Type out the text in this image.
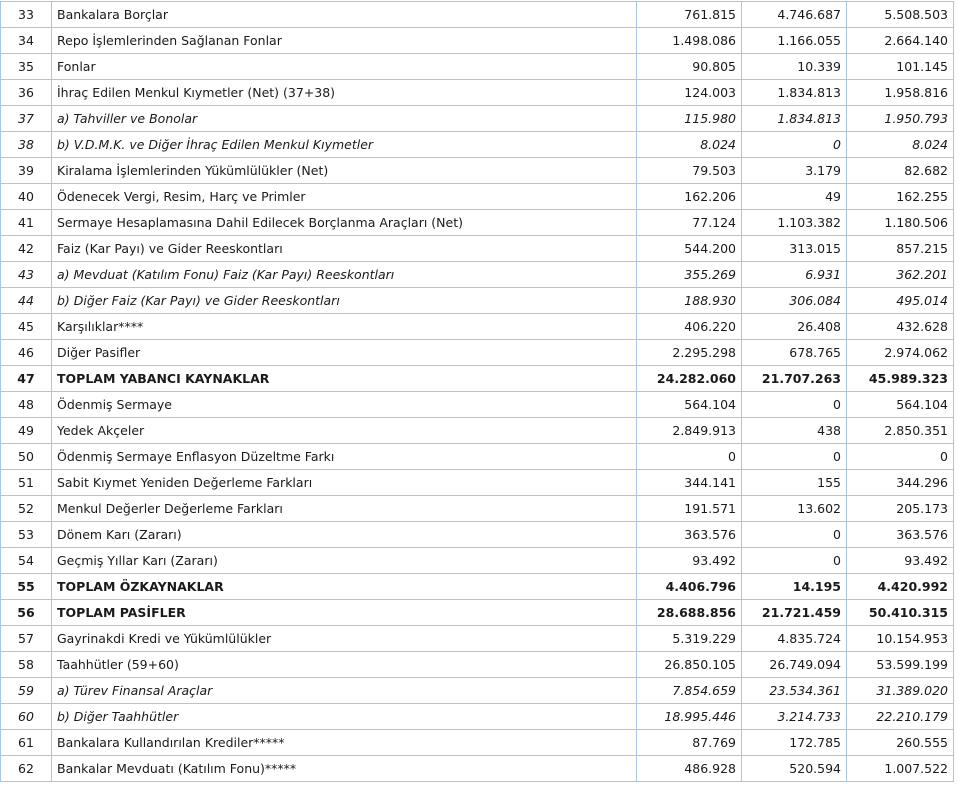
33	Bankalara Borçlar	761.815	4.746.687	5.508.503
34	Repo İşlemlerinden Sağlanan Fonlar	1.498.086	1.166.055	2.664.140
35	Fonlar	90.805	10.339	101.145
36	İhraç Edilen Menkul Kıymetler (Net) (37+38)	124.003	1.834.813	1.958.816
37	a) Tahviller ve Bonolar	115.980	1.834.813	1.950.793
38	b) V.D.M.K. ve Diğer İhraç Edilen Menkul Kıymetler	8.024	0	8.024
39	Kiralama İşlemlerinden Yükümlülükler (Net)	79.503	3.179	82.682
40	Ödenecek Vergi, Resim, Harç ve Primler	162.206	49	162.255
41	Sermaye Hesaplamasına Dahil Edilecek Borçlanma Araçları (Net)	77.124	1.103.382	1.180.506
42	Faiz (Kar Payı) ve Gider Reeskontları	544.200	313.015	857.215
43	a) Mevduat (Katılım Fonu) Faiz (Kar Payı) Reeskontları	355.269	6.931	362.201
44	b) Diğer Faiz (Kar Payı) ve Gider Reeskontları	188.930	306.084	495.014
45	Karşılıklar****	406.220	26.408	432.628
46	Diğer Pasifler	2.295.298	678.765	2.974.062
47	TOPLAM YABANCI KAYNAKLAR	24.282.060	21.707.263	45.989.323
48	Ödenmiş Sermaye	564.104	0	564.104
49	Yedek Akçeler	2.849.913	438	2.850.351
50	Ödenmiş Sermaye Enflasyon Düzeltme Farkı	0	0	0
51	Sabit Kıymet Yeniden Değerleme Farkları	344.141	155	344.296
52	Menkul Değerler Değerleme Farkları	191.571	13.602	205.173
53	Dönem Karı (Zararı)	363.576	0	363.576
54	Geçmiş Yıllar Karı (Zararı)	93.492	0	93.492
55	TOPLAM ÖZKAYNAKLAR	4.406.796	14.195	4.420.992
56	TOPLAM PASİFLER	28.688.856	21.721.459	50.410.315
57	Gayrinakdi Kredi ve Yükümlülükler	5.319.229	4.835.724	10.154.953
58	Taahhütler (59+60)	26.850.105	26.749.094	53.599.199
59	a) Türev Finansal Araçlar	7.854.659	23.534.361	31.389.020
60	b) Diğer Taahhütler	18.995.446	3.214.733	22.210.179
61	Bankalara Kullandırılan Krediler*****	87.769	172.785	260.555
62	Bankalar Mevduatı (Katılım Fonu)*****	486.928	520.594	1.007.522
